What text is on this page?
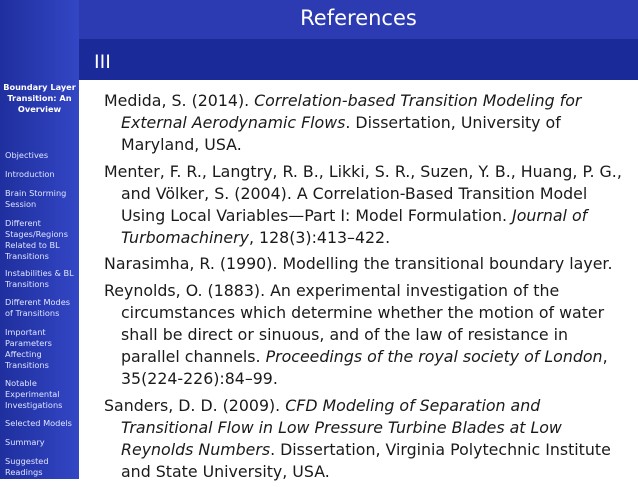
Boundary Layer Transition: An Overview
Objectives
Introduction
Brain Storming Session
Different Stages/Regions Related to BL Transitions
Instabilities & BL Transitions
Different Modes of Transitions
Important Parameters Affecting Transitions
Notable Experimental Investigations
Selected Models
Summary
Suggested Readings
References
III
Medida, S. (2014). Correlation-based Transition Modeling for External Aerodynamic Flows. Dissertation, University of Maryland, USA.
Menter, F. R., Langtry, R. B., Likki, S. R., Suzen, Y. B., Huang, P. G., and Völker, S. (2004). A Correlation-Based Transition Model Using Local Variables—Part I: Model Formulation. Journal of Turbomachinery, 128(3):413–422.
Narasimha, R. (1990). Modelling the transitional boundary layer.
Reynolds, O. (1883). An experimental investigation of the circumstances which determine whether the motion of water shall be direct or sinuous, and of the law of resistance in parallel channels. Proceedings of the royal society of London, 35(224-226):84–99.
Sanders, D. D. (2009). CFD Modeling of Separation and Transitional Flow in Low Pressure Turbine Blades at Low Reynolds Numbers. Dissertation, Virginia Polytechnic Institute and State University, USA.
